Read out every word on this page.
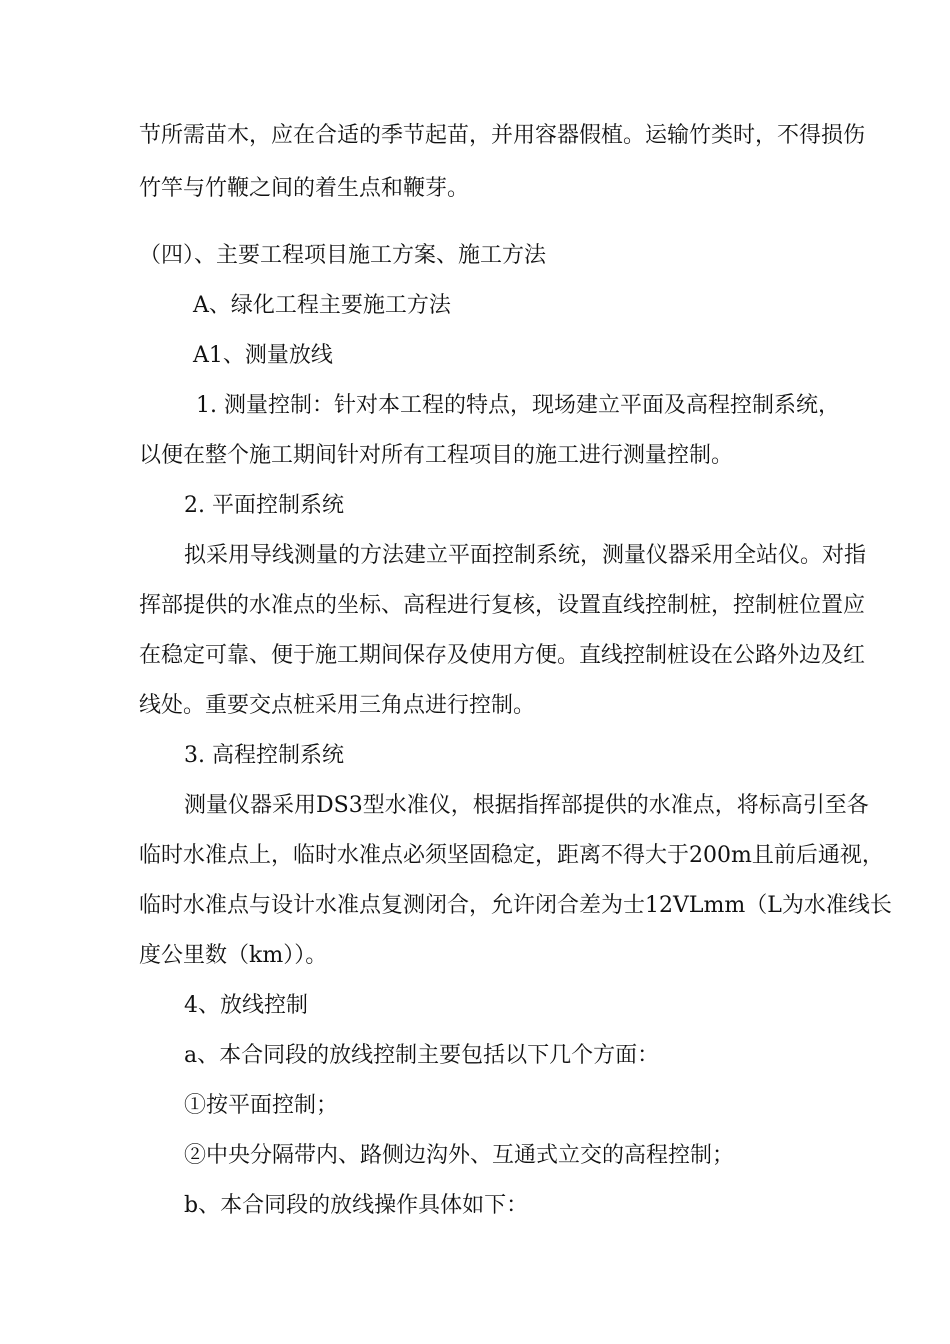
节所需苗木，应在合适的季节起苗，并用容器假植。运输竹类时，不得损伤
竹竿与竹鞭之间的着生点和鞭芽。
（四）、主要工程项目施工方案、施工方法
A、绿化工程主要施工方法
A1、测量放线
1. 测量控制：针对本工程的特点，现场建立平面及高程控制系统，
以便在整个施工期间针对所有工程项目的施工进行测量控制。
2. 平面控制系统
拟采用导线测量的方法建立平面控制系统，测量仪器采用全站仪。对指
挥部提供的水准点的坐标、高程进行复核，设置直线控制桩，控制桩位置应
在稳定可靠、便于施工期间保存及使用方便。直线控制桩设在公路外边及红
线处。重要交点桩采用三角点进行控制。
3. 高程控制系统
测量仪器采用DS3型水准仪，根据指挥部提供的水准点，将标高引至各
临时水准点上，临时水准点必须坚固稳定，距离不得大于200m且前后通视，
临时水准点与设计水准点复测闭合，允许闭合差为士12VLmm（L为水准线长
度公里数（km））。
4、放线控制
a、本合同段的放线控制主要包括以下几个方面：
①按平面控制；
②中央分隔带内、路侧边沟外、互通式立交的高程控制；
b、本合同段的放线操作具体如下：
